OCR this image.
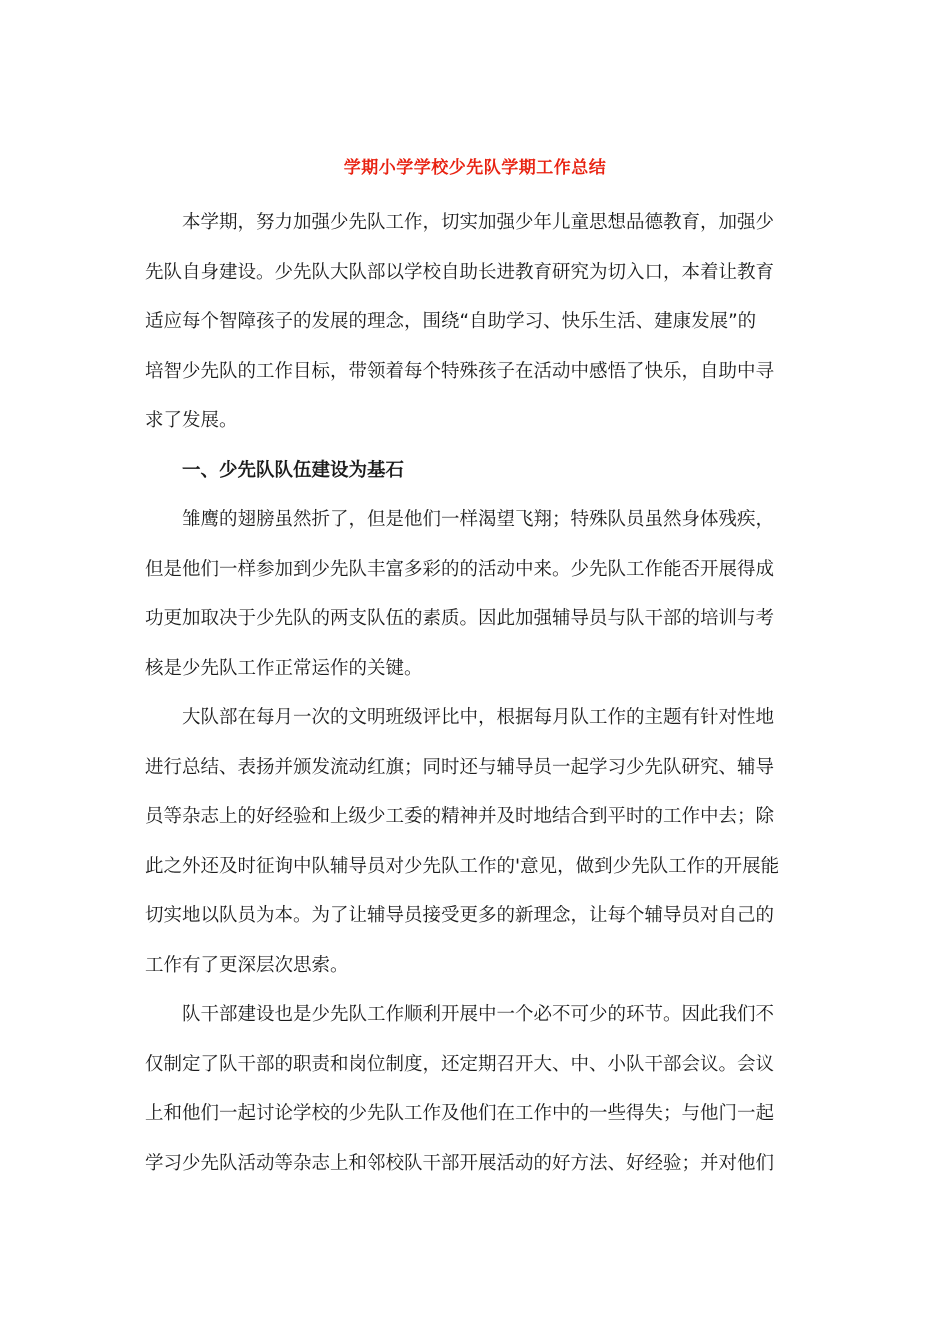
学期小学学校少先队学期工作总结
本学期，努力加强少先队工作，切实加强少年儿童思想品德教育，加强少
先队自身建设。少先队大队部以学校自助长进教育研究为切入口，本着让教育
适应每个智障孩子的发展的理念，围绕“自助学习、快乐生活、建康发展”的
培智少先队的工作目标，带领着每个特殊孩子在活动中感悟了快乐，自助中寻
求了发展。
一、少先队队伍建设为基石
雏鹰的翅膀虽然折了，但是他们一样渴望飞翔；特殊队员虽然身体残疾，
但是他们一样参加到少先队丰富多彩的的活动中来。少先队工作能否开展得成
功更加取决于少先队的两支队伍的素质。因此加强辅导员与队干部的培训与考
核是少先队工作正常运作的关键。
大队部在每月一次的文明班级评比中，根据每月队工作的主题有针对性地
进行总结、表扬并颁发流动红旗；同时还与辅导员一起学习少先队研究、辅导
员等杂志上的好经验和上级少工委的精神并及时地结合到平时的工作中去；除
此之外还及时征询中队辅导员对少先队工作的'意见，做到少先队工作的开展能
切实地以队员为本。为了让辅导员接受更多的新理念，让每个辅导员对自己的
工作有了更深层次思索。
队干部建设也是少先队工作顺利开展中一个必不可少的环节。因此我们不
仅制定了队干部的职责和岗位制度，还定期召开大、中、小队干部会议。会议
上和他们一起讨论学校的少先队工作及他们在工作中的一些得失；与他门一起
学习少先队活动等杂志上和邻校队干部开展活动的好方法、好经验；并对他们
